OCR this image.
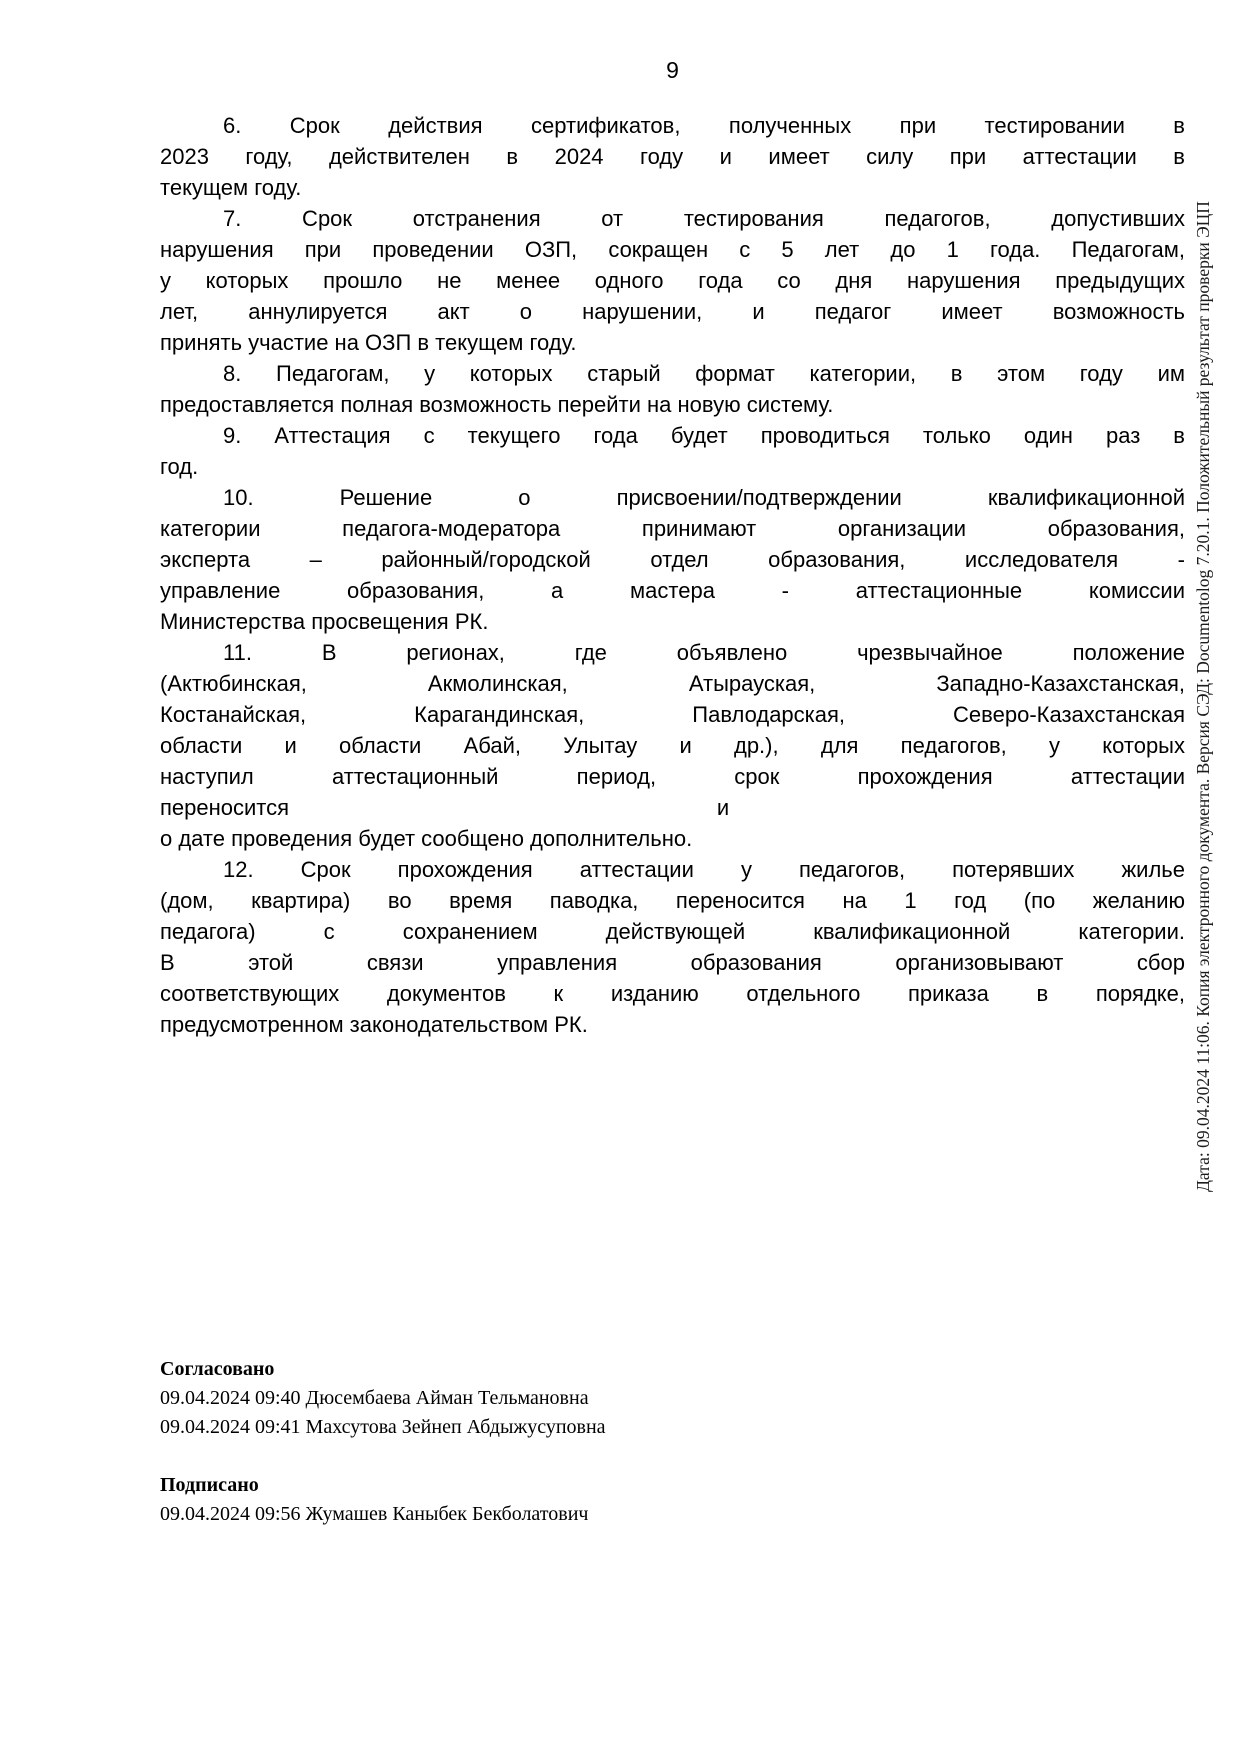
9
6. Срок действия сертификатов, полученных при тестировании в
2023 году, действителен в 2024 году и имеет силу при аттестации в
текущем году.
7. Срок отстранения от тестирования педагогов, допустивших
нарушения при проведении ОЗП, сокращен с 5 лет до 1 года. Педагогам,
у которых прошло не менее одного года со дня нарушения предыдущих
лет, аннулируется акт о нарушении, и педагог имеет возможность
принять участие на ОЗП в текущем году.
8. Педагогам, у которых старый формат категории, в этом году им
предоставляется полная возможность перейти на новую систему.
9. Аттестация с текущего года будет проводиться только один раз в
год.
10. Решение о присвоении/подтверждении квалификационной
категории педагога-модератора принимают организации образования,
эксперта – районный/городской отдел образования, исследователя -
управление образования, а мастера - аттестационные комиссии
Министерства просвещения РК.
11. В регионах, где объявлено чрезвычайное положение
(Актюбинская, Акмолинская, Атырауская, Западно-Казахстанская,
Костанайская, Карагандинская, Павлодарская, Северо-Казахстанская
области и области Абай, Улытау и др.), для педагогов, у которых
наступил аттестационный период, срок прохождения аттестации
переносится                                                                      и
о дате проведения будет сообщено дополнительно.
12. Срок прохождения аттестации у педагогов, потерявших жилье
(дом, квартира) во время паводка, переносится на 1 год (по желанию
педагога) с сохранением действующей квалификационной категории.
В этой связи управления образования организовывают сбор
соответствующих документов к изданию отдельного приказа в порядке,
предусмотренном законодательством РК.
Согласовано
09.04.2024 09:40 Дюсембаева Айман Тельмановна
09.04.2024 09:41 Махсутова Зейнеп Абдыжусуповна
Подписано
09.04.2024 09:56 Жумашев Каныбек Бекболатович
Дата: 09.04.2024 11:06. Копия электронного документа. Версия СЭД: Documentolog 7.20.1. Положительный результат проверки ЭЦП
